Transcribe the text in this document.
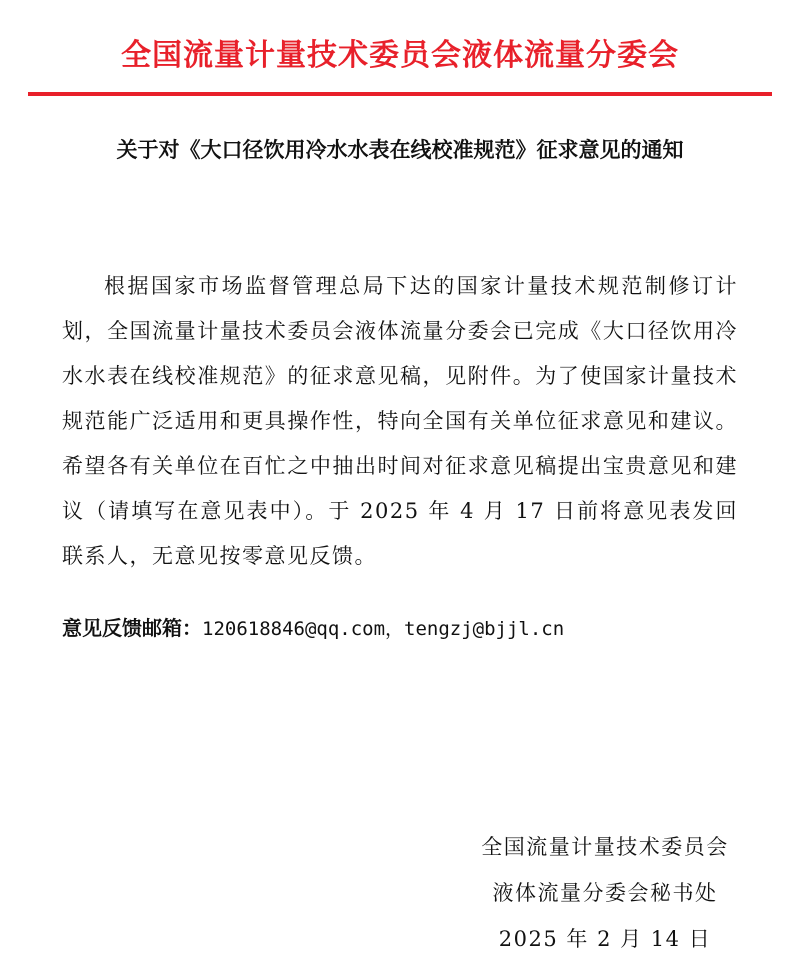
全国流量计量技术委员会液体流量分委会
关于对《大口径饮用冷水水表在线校准规范》征求意见的通知

根据国家市场监督管理总局下达的国家计量技术规范制修订计划，全国流量计量技术委员会液体流量分委会已完成《大口径饮用冷水水表在线校准规范》的征求意见稿，见附件。为了使国家计量技术规范能广泛适用和更具操作性，特向全国有关单位征求意见和建议。希望各有关单位在百忙之中抽出时间对征求意见稿提出宝贵意见和建议（请填写在意见表中）。于 2025 年 4 月 17 日前将意见表发回联系人，无意见按零意见反馈。

意见反馈邮箱：120618846@qq.com，tengzj@bjjl.cn
全国流量计量技术委员会
液体流量分委会秘书处
2025 年 2 月 14 日
